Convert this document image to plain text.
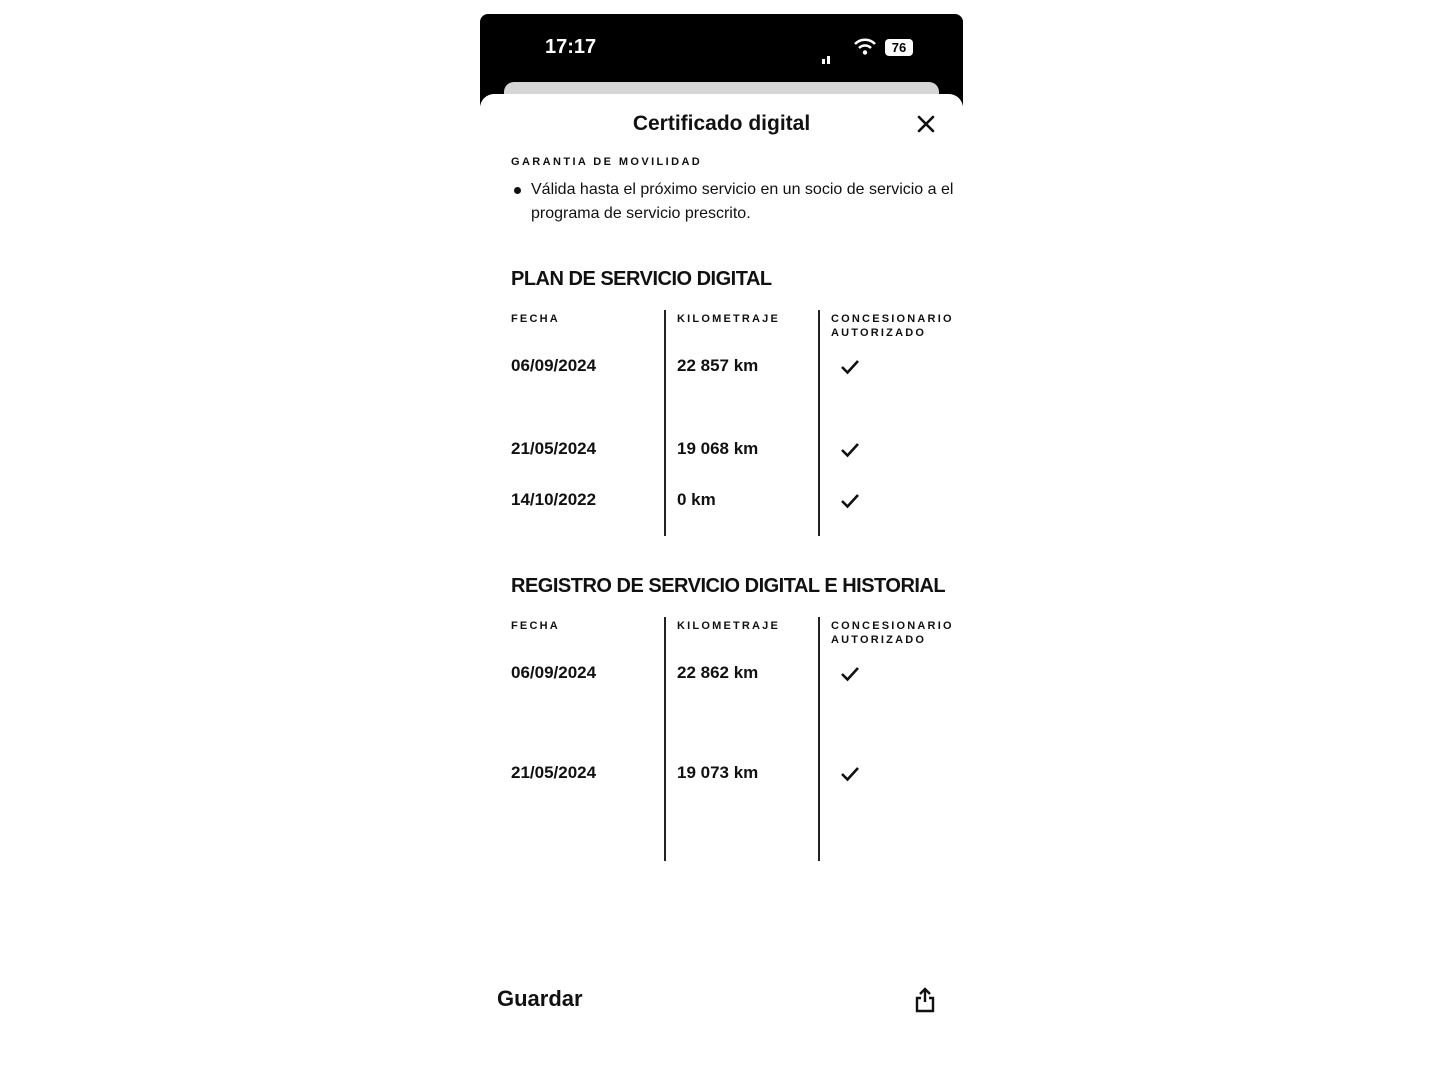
17:17	76
Certificado digital
GARANTIA DE MOVILIDAD
Válida hasta el próximo servicio en un socio de servicio a el programa de servicio prescrito.
PLAN DE SERVICIO DIGITAL
FECHA	KILOMETRAJE	CONCESIONARIO AUTORIZADO
06/09/2024	22 857 km
21/05/2024	19 068 km
14/10/2022	0 km
REGISTRO DE SERVICIO DIGITAL E HISTORIAL
FECHA	KILOMETRAJE	CONCESIONARIO AUTORIZADO
06/09/2024	22 862 km
21/05/2024	19 073 km
Guardar
